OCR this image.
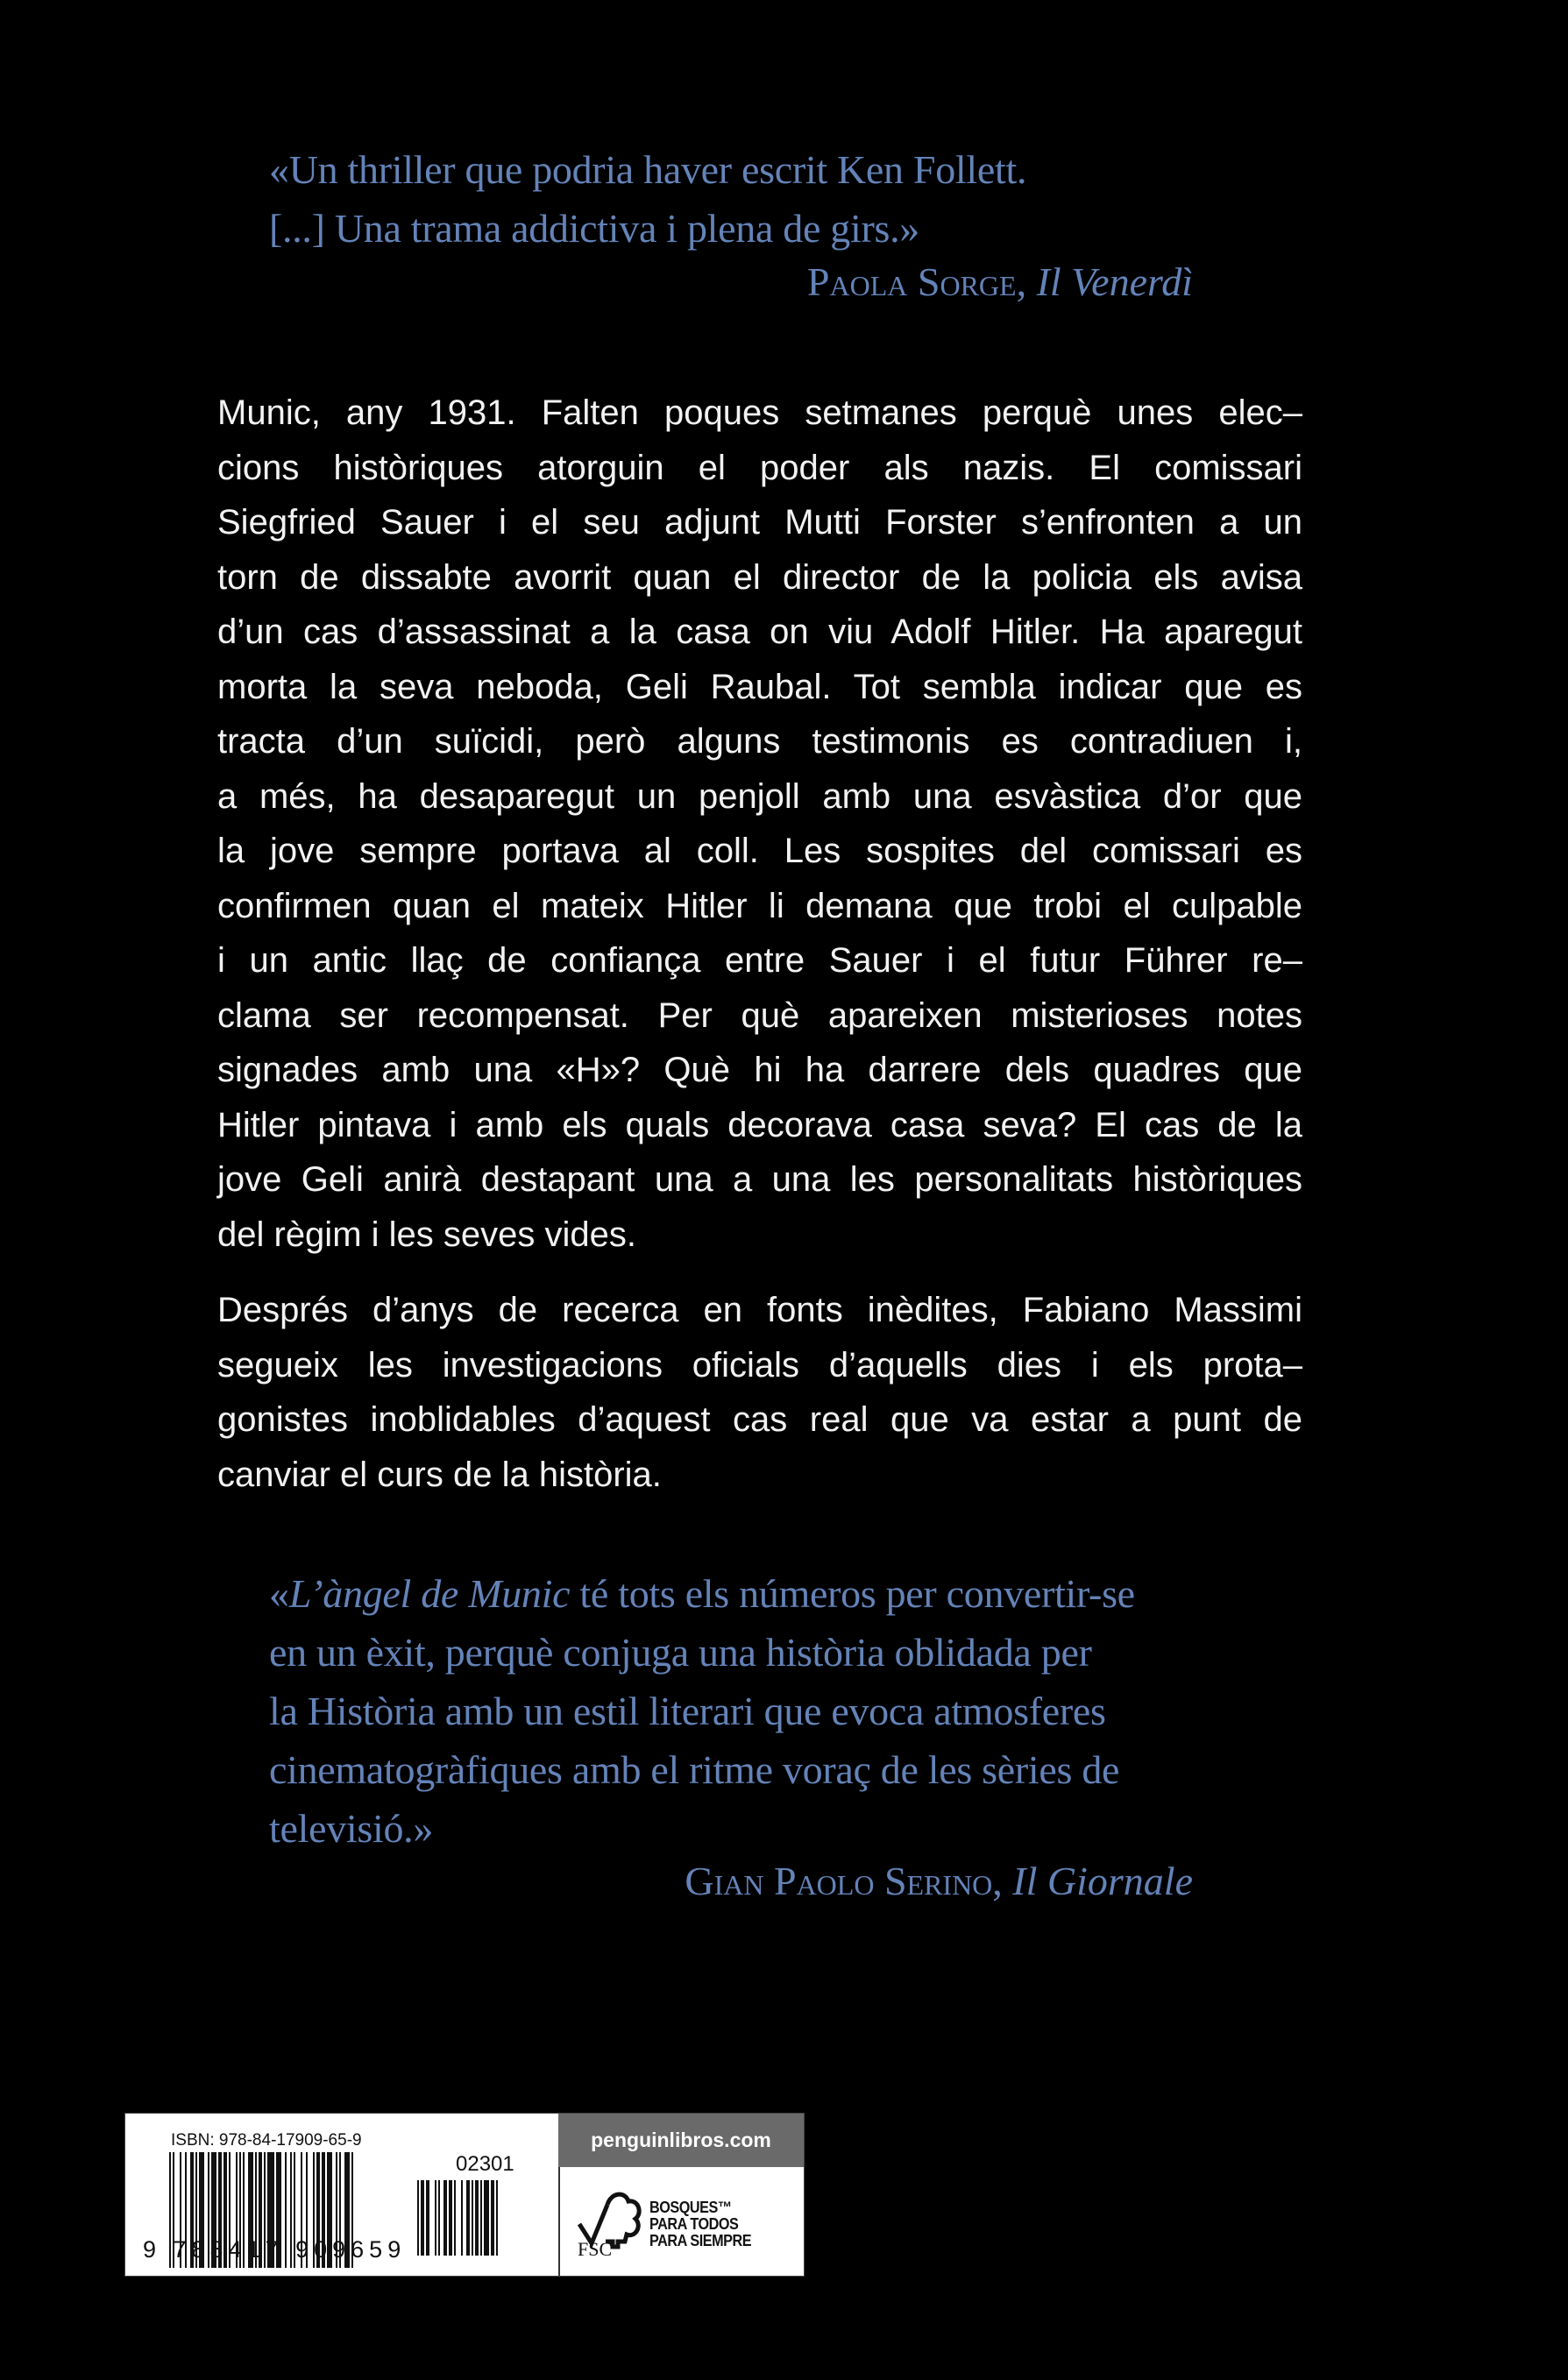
«Un thriller que podria haver escrit Ken Follett.
[...] Una trama addictiva i plena de girs.»
Paola Sorge, Il Venerdì
Munic, any 1931. Falten poques setmanes perquè unes elec–
cions històriques atorguin el poder als nazis. El comissari
Siegfried Sauer i el seu adjunt Mutti Forster s’enfronten a un
torn de dissabte avorrit quan el director de la policia els avisa
d’un cas d’assassinat a la casa on viu Adolf Hitler. Ha aparegut
morta la seva neboda, Geli Raubal. Tot sembla indicar que es
tracta d’un suïcidi, però alguns testimonis es contradiuen i,
a més, ha desaparegut un penjoll amb una esvàstica d’or que
la jove sempre portava al coll. Les sospites del comissari es
confirmen quan el mateix Hitler li demana que trobi el culpable
i un antic llaç de confiança entre Sauer i el futur Führer re–
clama ser recompensat. Per què apareixen misterioses notes
signades amb una «H»? Què hi ha darrere dels quadres que
Hitler pintava i amb els quals decorava casa seva? El cas de la
jove Geli anirà destapant una a una les personalitats històriques
del règim i les seves vides.
Després d’anys de recerca en fonts inèdites, Fabiano Massimi
segueix les investigacions oficials d’aquells dies i els prota–
gonistes inoblidables d’aquest cas real que va estar a punt de
canviar el curs de la història.
«L’àngel de Munic té tots els números per convertir-se
en un èxit, perquè conjuga una història oblidada per
la Història amb un estil literari que evoca atmosferes
cinematogràfiques amb el ritme voraç de les sèries de
televisió.»
Gian Paolo Serino, Il Giornale
ISBN: 978-84-17909-65-9
9 788417 909659
02301
penguinlibros.com
FSC
BOSQUES™
PARA TODOS
PARA SIEMPRE
